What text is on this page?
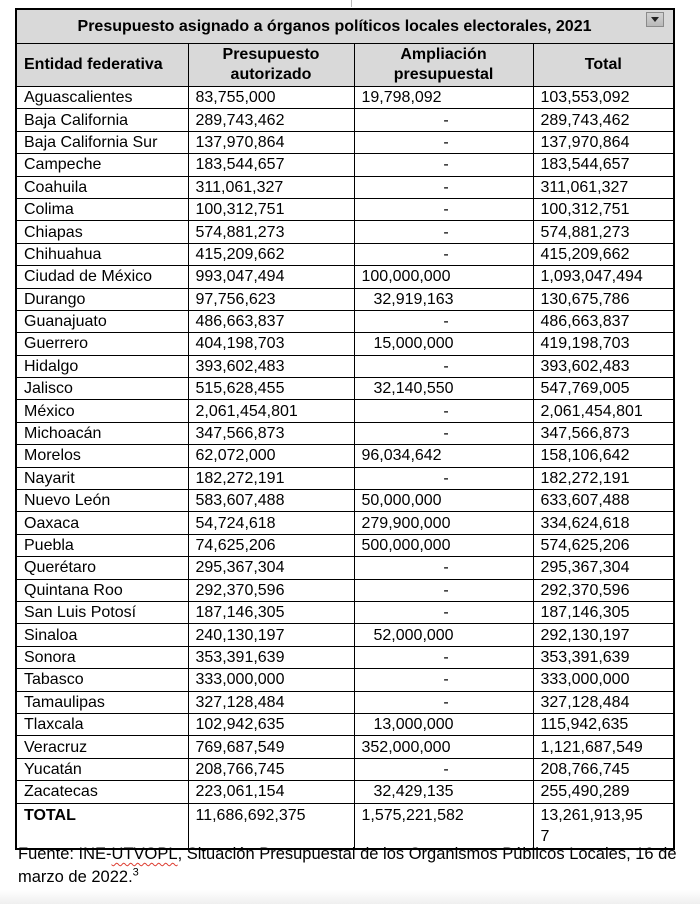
Presupuesto asignado a órganos políticos locales electorales, 2021			

Entidad federativa	Presupuesto autorizado	Ampliación presupuestal	Total
Aguascalientes	83,755,000	19,798,092	103,553,092
Baja California	289,743,462	-	289,743,462
Baja California Sur	137,970,864	-	137,970,864
Campeche	183,544,657	-	183,544,657
Coahuila	311,061,327	-	311,061,327
Colima	100,312,751	-	100,312,751
Chiapas	574,881,273	-	574,881,273
Chihuahua	415,209,662	-	415,209,662
Ciudad de México	993,047,494	100,000,000	1,093,047,494
Durango	97,756,623	32,919,163	130,675,786
Guanajuato	486,663,837	-	486,663,837
Guerrero	404,198,703	15,000,000	419,198,703
Hidalgo	393,602,483	-	393,602,483
Jalisco	515,628,455	32,140,550	547,769,005
México	2,061,454,801	-	2,061,454,801
Michoacán	347,566,873	-	347,566,873
Morelos	62,072,000	96,034,642	158,106,642
Nayarit	182,272,191	-	182,272,191
Nuevo León	583,607,488	50,000,000	633,607,488
Oaxaca	54,724,618	279,900,000	334,624,618
Puebla	74,625,206	500,000,000	574,625,206
Querétaro	295,367,304	-	295,367,304
Quintana Roo	292,370,596	-	292,370,596
San Luis Potosí	187,146,305	-	187,146,305
Sinaloa	240,130,197	52,000,000	292,130,197
Sonora	353,391,639	-	353,391,639
Tabasco	333,000,000	-	333,000,000
Tamaulipas	327,128,484	-	327,128,484
Tlaxcala	102,942,635	13,000,000	115,942,635
Veracruz	769,687,549	352,000,000	1,121,687,549
Yucatán	208,766,745	-	208,766,745
Zacatecas	223,061,154	32,429,135	255,490,289
TOTAL	11,686,692,375	1,575,221,582	13,261,913,957
Fuente: INE-UTVOPL, Situación Presupuestal de los Organismos Públicos Locales, 16 de marzo de 2022.$^3$
